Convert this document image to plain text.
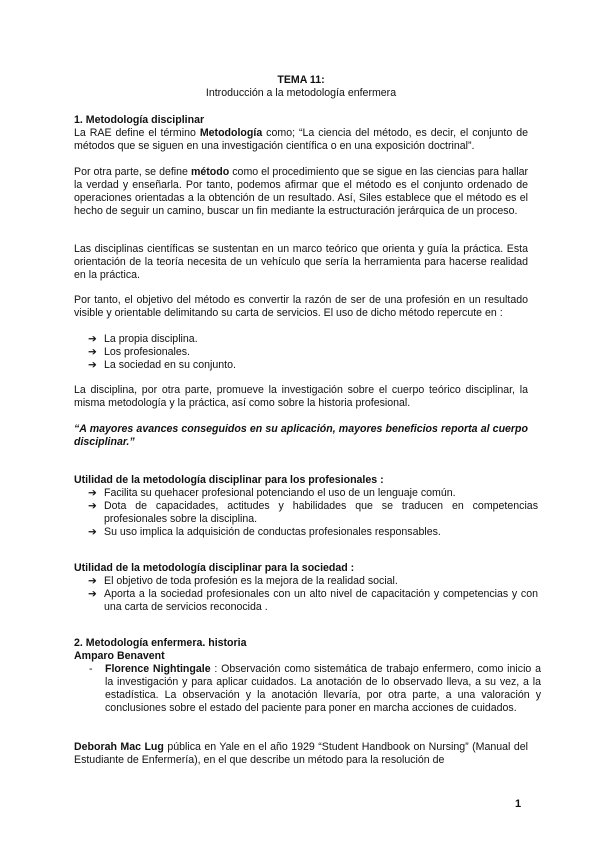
TEMA 11:
Introducción a la metodología enfermera
1. Metodología disciplinar
La RAE define el término Metodología como; “La ciencia del método, es decir, el conjunto de métodos que se siguen en una investigación científica o en una exposición doctrinal”.
Por otra parte, se define método como el procedimiento que se sigue en las ciencias para hallar la verdad y enseñarla. Por tanto, podemos afirmar que el método es el conjunto ordenado de operaciones orientadas a la obtención de un resultado. Así, Siles establece que el método es el hecho de seguir un camino, buscar un fin mediante la estructuración jerárquica de un proceso.
Las disciplinas científicas se sustentan en un marco teórico que orienta y guía la práctica. Esta orientación de la teoría necesita de un vehículo que sería la herramienta para hacerse realidad en la práctica.
Por tanto, el objetivo del método es convertir la razón de ser de una profesión en un resultado visible y orientable delimitando su carta de servicios. El uso de dicho método repercute en :
➔ La propia disciplina.
➔ Los profesionales.
➔ La sociedad en su conjunto.
La disciplina, por otra parte, promueve la investigación sobre el cuerpo teórico disciplinar, la misma metodología y la práctica, así como sobre la historia profesional.
“A mayores avances conseguidos en su aplicación, mayores beneficios reporta al cuerpo disciplinar.”
Utilidad de la metodología disciplinar para los profesionales :
➔ Facilita su quehacer profesional potenciando el uso de un lenguaje común.
➔ Dota de capacidades, actitudes y habilidades que se traducen en competencias profesionales sobre la disciplina.
➔ Su uso implica la adquisición de conductas profesionales responsables.
Utilidad de la metodología disciplinar para la sociedad :
➔ El objetivo de toda profesión es la mejora de la realidad social.
➔ Aporta a la sociedad profesionales con un alto nivel de capacitación y competencias y con una carta de servicios reconocida .
2. Metodología enfermera. historia
Amparo Benavent
- Florence Nightingale : Observación como sistemática de trabajo enfermero, como inicio a la investigación y para aplicar cuidados. La anotación de lo observado lleva, a su vez, a la estadística. La observación y la anotación llevaría, por otra parte, a una valoración y conclusiones sobre el estado del paciente para poner en marcha acciones de cuidados.
Deborah Mac Lug pública en Yale en el año 1929 “Student Handbook on Nursing” (Manual del Estudiante de Enfermería), en el que describe un método para la resolución de
1
